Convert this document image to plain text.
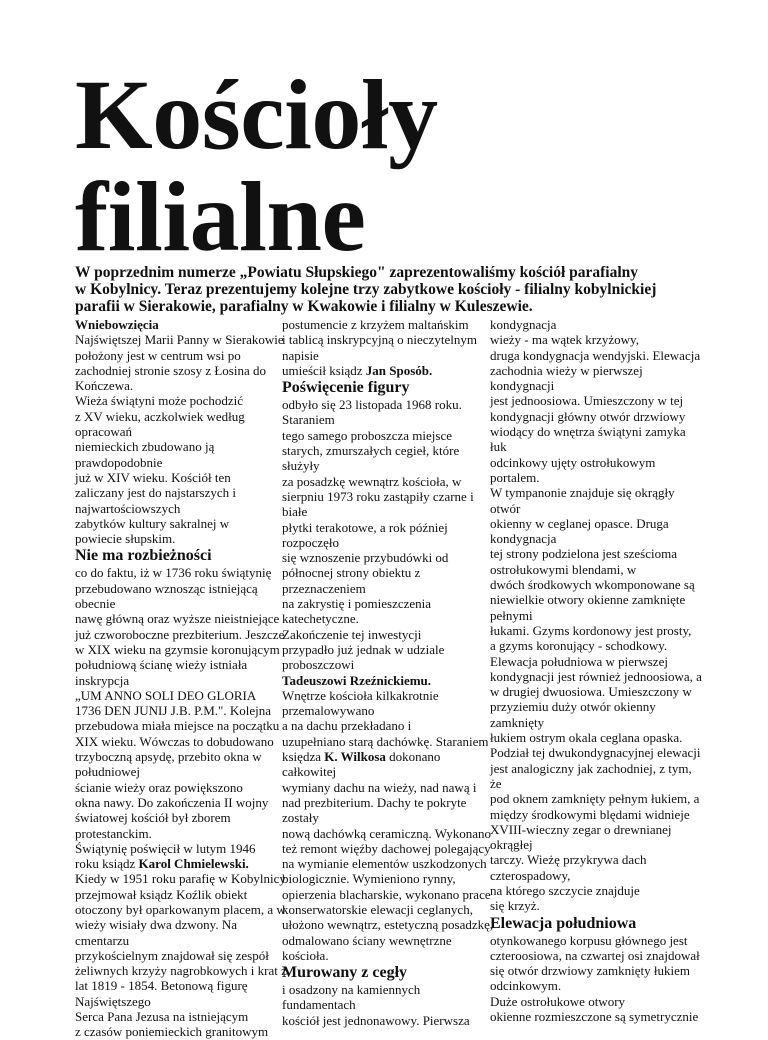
Kościoły
filialne
W poprzednim numerze „Powiatu Słupskiego" zaprezentowaliśmy kościół parafialny
w Kobylnicy. Teraz prezentujemy kolejne trzy zabytkowe kościoły - filialny kobylnickiej
parafii w Sierakowie, parafialny w Kwakowie i filialny w Kuleszewie.
Wniebowzięcia
Najświętszej Marii Panny w Sierakowie
położony jest w centrum wsi po
zachodniej stronie szosy z Łosina do
Kończewa.
Wieża świątyni może pochodzić
z XV wieku, aczkolwiek według
opracowań
niemieckich zbudowano ją
prawdopodobnie
już w XIV wieku. Kościół ten
zaliczany jest do najstarszych i
najwartościowszych
zabytków kultury sakralnej w
powiecie słupskim.
Nie ma rozbieżności
co do faktu, iż w 1736 roku świątynię
przebudowano wznosząc istniejącą
obecnie
nawę główną oraz wyższe nieistniejące
już czworoboczne prezbiterium. Jeszcze
w XIX wieku na gzymsie koronującym
południową ścianę wieży istniała
inskrypcja
„UM ANNO SOLI DEO GLORIA
1736 DEN JUNIJ J.B. P.M.". Kolejna
przebudowa miała miejsce na początku
XIX wieku. Wówczas to dobudowano
trzyboczną apsydę, przebito okna w
południowej
ścianie wieży oraz powiększono
okna nawy. Do zakończenia II wojny
światowej kościół był zborem
protestanckim.
Świątynię poświęcił w lutym 1946
roku ksiądz Karol Chmielewski.
Kiedy w 1951 roku parafię w Kobylnicy
przejmował ksiądz Koźlik obiekt
otoczony był oparkowanym placem, a w
wieży wisiały dwa dzwony. Na
cmentarzu
przykościelnym znajdował się zespół
żeliwnych krzyży nagrobkowych i krat z
lat 1819 - 1854. Betonową figurę
Najświętszego
Serca Pana Jezusa na istniejącym
z czasów poniemieckich granitowym
postumencie z krzyżem maltańskim
i tablicą inskrypcyjną o nieczytelnym
napisie
umieścił ksiądz Jan Sposób.
Poświęcenie figury
odbyło się 23 listopada 1968 roku.
Staraniem
tego samego proboszcza miejsce
starych, zmurszałych cegieł, które
służyły
za posadzkę wewnątrz kościoła, w
sierpniu 1973 roku zastąpiły czarne i
białe
płytki terakotowe, a rok później
rozpoczęło
się wznoszenie przybudówki od
północnej strony obiektu z
przeznaczeniem
na zakrystię i pomieszczenia
katechetyczne.
Zakończenie tej inwestycji
przypadło już jednak w udziale
proboszczowi
Tadeuszowi Rzeźnickiemu.
Wnętrze kościoła kilkakrotnie
przemalowywano
a na dachu przekładano i
uzupełniano starą dachówkę. Staraniem
księdza K. Wilkosa dokonano
całkowitej
wymiany dachu na wieży, nad nawą i
nad prezbiterium. Dachy te pokryte
zostały
nową dachówką ceramiczną. Wykonano
też remont więźby dachowej polegający
na wymianie elementów uszkodzonych
biologicznie. Wymieniono rynny,
opierzenia blacharskie, wykonano prace
konserwatorskie elewacji ceglanych,
ułożono wewnątrz, estetyczną posadzkę,
odmalowano ściany wewnętrzne
kościoła.
Murowany z cegły
i osadzony na kamiennych
fundamentach
kościół jest jednonawowy. Pierwsza
kondygnacja
wieży - ma wątek krzyżowy,
druga kondygnacja wendyjski. Elewacja
zachodnia wieży w pierwszej
kondygnacji
jest jednoosiowa. Umieszczony w tej
kondygnacji główny otwór drzwiowy
wiodący do wnętrza świątyni zamyka
łuk
odcinkowy ujęty ostrołukowym
portalem.
W tympanonie znajduje się okrągły
otwór
okienny w ceglanej opasce. Druga
kondygnacja
tej strony podzielona jest sześcioma
ostrołukowymi blendami, w
dwóch środkowych wkomponowane są
niewielkie otwory okienne zamknięte
pełnymi
łukami. Gzyms kordonowy jest prosty,
a gzyms koronujący - schodkowy.
Elewacja południowa w pierwszej
kondygnacji jest również jednoosiowa, a
w drugiej dwuosiowa. Umieszczony w
przyziemiu duży otwór okienny
zamknięty
łukiem ostrym okala ceglana opaska.
Podział tej dwukondygnacyjnej elewacji
jest analogiczny jak zachodniej, z tym,
że
pod oknem zamknięty pełnym łukiem, a
między środkowymi blędami widnieje
XVIII-wieczny zegar o drewnianej
okrągłej
tarczy. Wieżę przykrywa dach
czterospadowy,
na którego szczycie znajduje
się krzyż.
Elewacja południowa
otynkowanego korpusu głównego jest
czteroosiowa, na czwartej osi znajdował
się otwór drzwiowy zamknięty łukiem
odcinkowym.
Duże ostrołukowe otwory
okienne rozmieszczone są symetrycznie
